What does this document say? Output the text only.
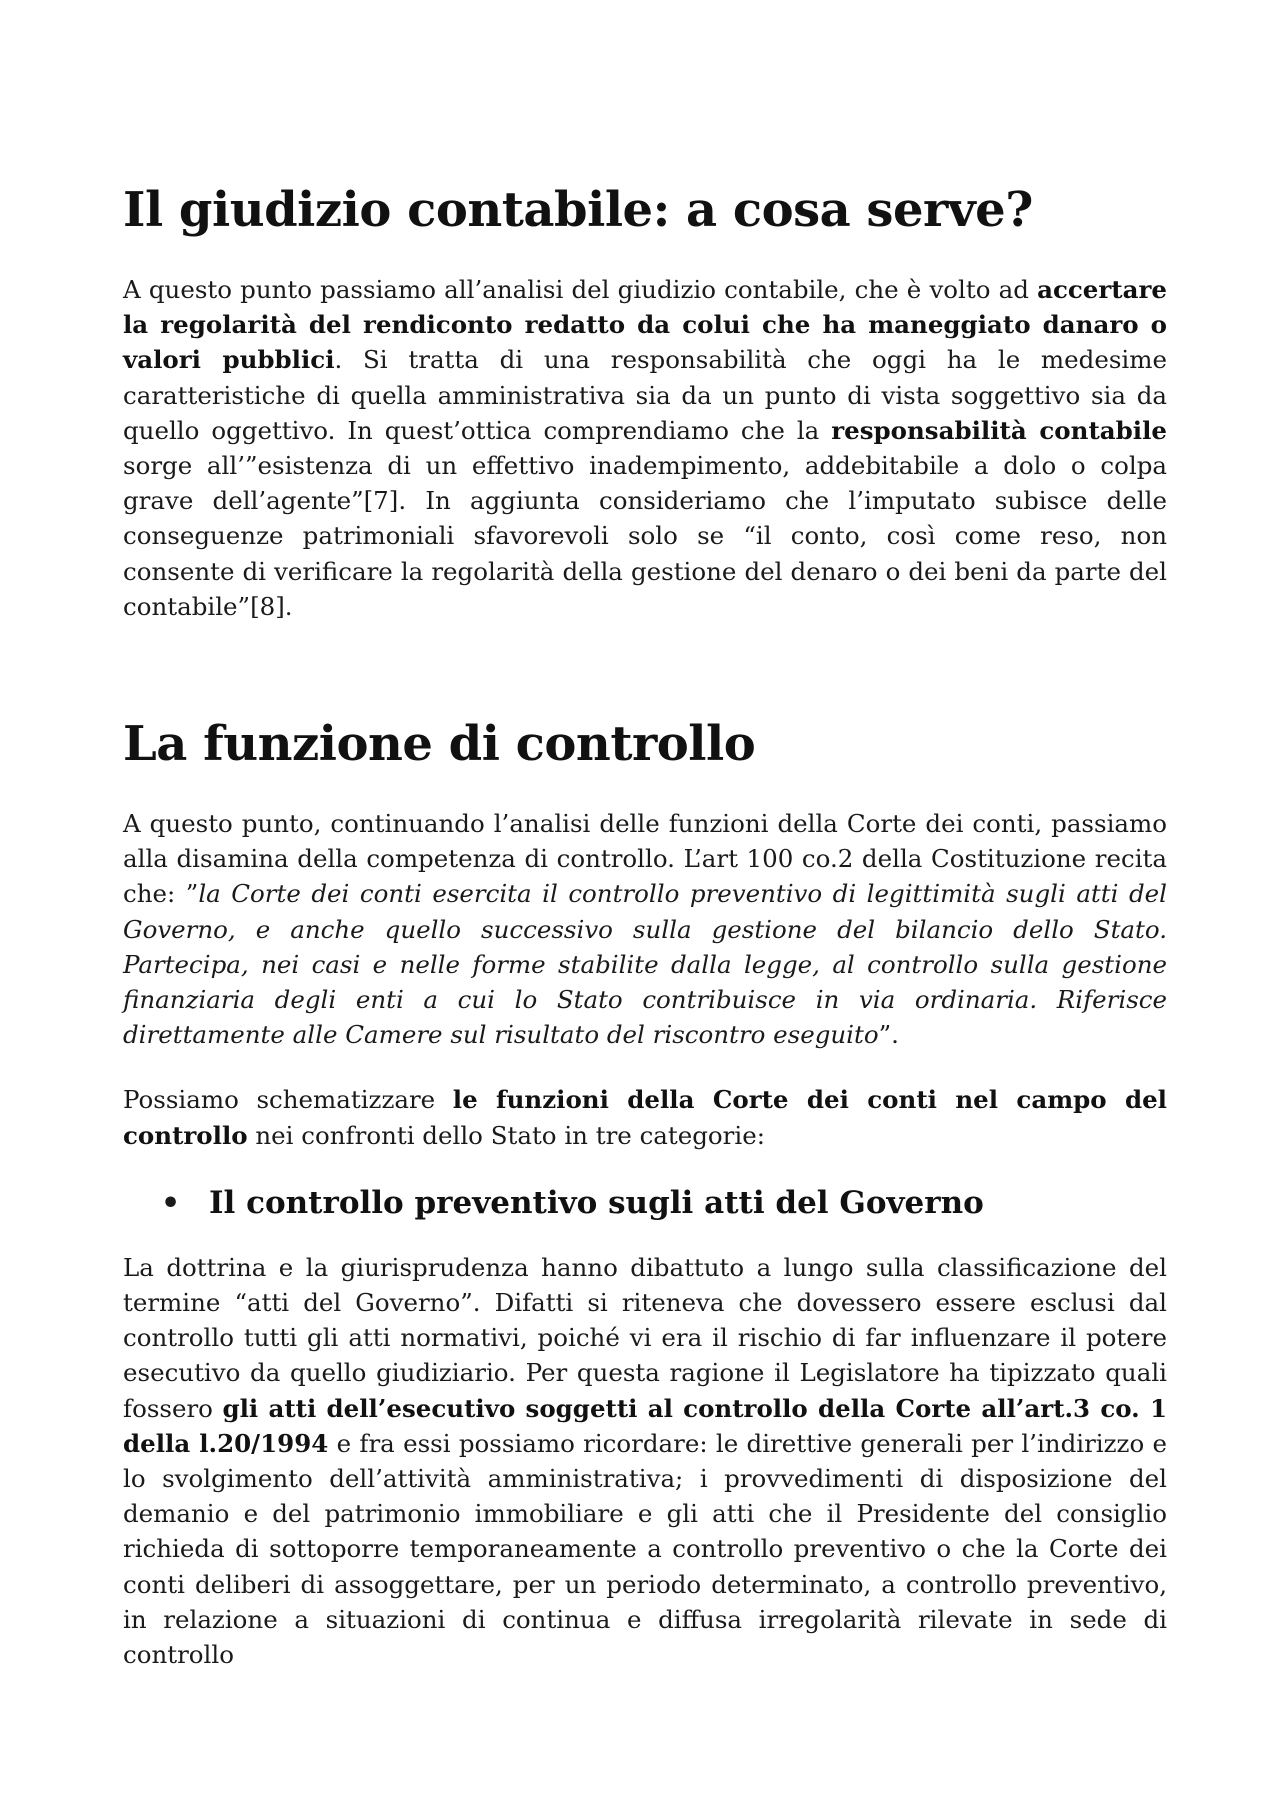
Il giudizio contabile: a cosa serve?

A questo punto passiamo all’analisi del giudizio contabile, che è volto ad accertare la regolarità del rendiconto redatto da colui che ha maneggiato danaro o valori pubblici. Si tratta di una responsabilità che oggi ha le medesime caratteristiche di quella amministrativa sia da un punto di vista soggettivo sia da quello oggettivo. In quest’ottica comprendiamo che la responsabilità contabile sorge all’”esistenza di un effettivo inadempimento, addebitabile a dolo o colpa grave dell’agente”[7]. In aggiunta consideriamo che l’imputato subisce delle conseguenze patrimoniali sfavorevoli solo se “il conto, così come reso, non consente di verificare la regolarità della gestione del denaro o dei beni da parte del contabile”[8].

La funzione di controllo

A questo punto, continuando l’analisi delle funzioni della Corte dei conti, passiamo alla disamina della competenza di controllo. L’art 100 co.2 della Costituzione recita che: ”la Corte dei conti esercita il controllo preventivo di legittimità sugli atti del Governo, e anche quello successivo sulla gestione del bilancio dello Stato. Partecipa, nei casi e nelle forme stabilite dalla legge, al controllo sulla gestione finanziaria degli enti a cui lo Stato contribuisce in via ordinaria. Riferisce direttamente alle Camere sul risultato del riscontro eseguito”.

Possiamo schematizzare le funzioni della Corte dei conti nel campo del controllo nei confronti dello Stato in tre categorie:

• Il controllo preventivo sugli atti del Governo

La dottrina e la giurisprudenza hanno dibattuto a lungo sulla classificazione del termine “atti del Governo”. Difatti si riteneva che dovessero essere esclusi dal controllo tutti gli atti normativi, poiché vi era il rischio di far influenzare il potere esecutivo da quello giudiziario. Per questa ragione il Legislatore ha tipizzato quali fossero gli atti dell’esecutivo soggetti al controllo della Corte all’art.3 co. 1 della l.20/1994 e fra essi possiamo ricordare: le direttive generali per l’indirizzo e lo svolgimento dell’attività amministrativa; i provvedimenti di disposizione del demanio e del patrimonio immobiliare e gli atti che il Presidente del consiglio richieda di sottoporre temporaneamente a controllo preventivo o che la Corte dei conti deliberi di assoggettare, per un periodo determinato, a controllo preventivo, in relazione a situazioni di continua e diffusa irregolarità rilevate in sede di controllo
